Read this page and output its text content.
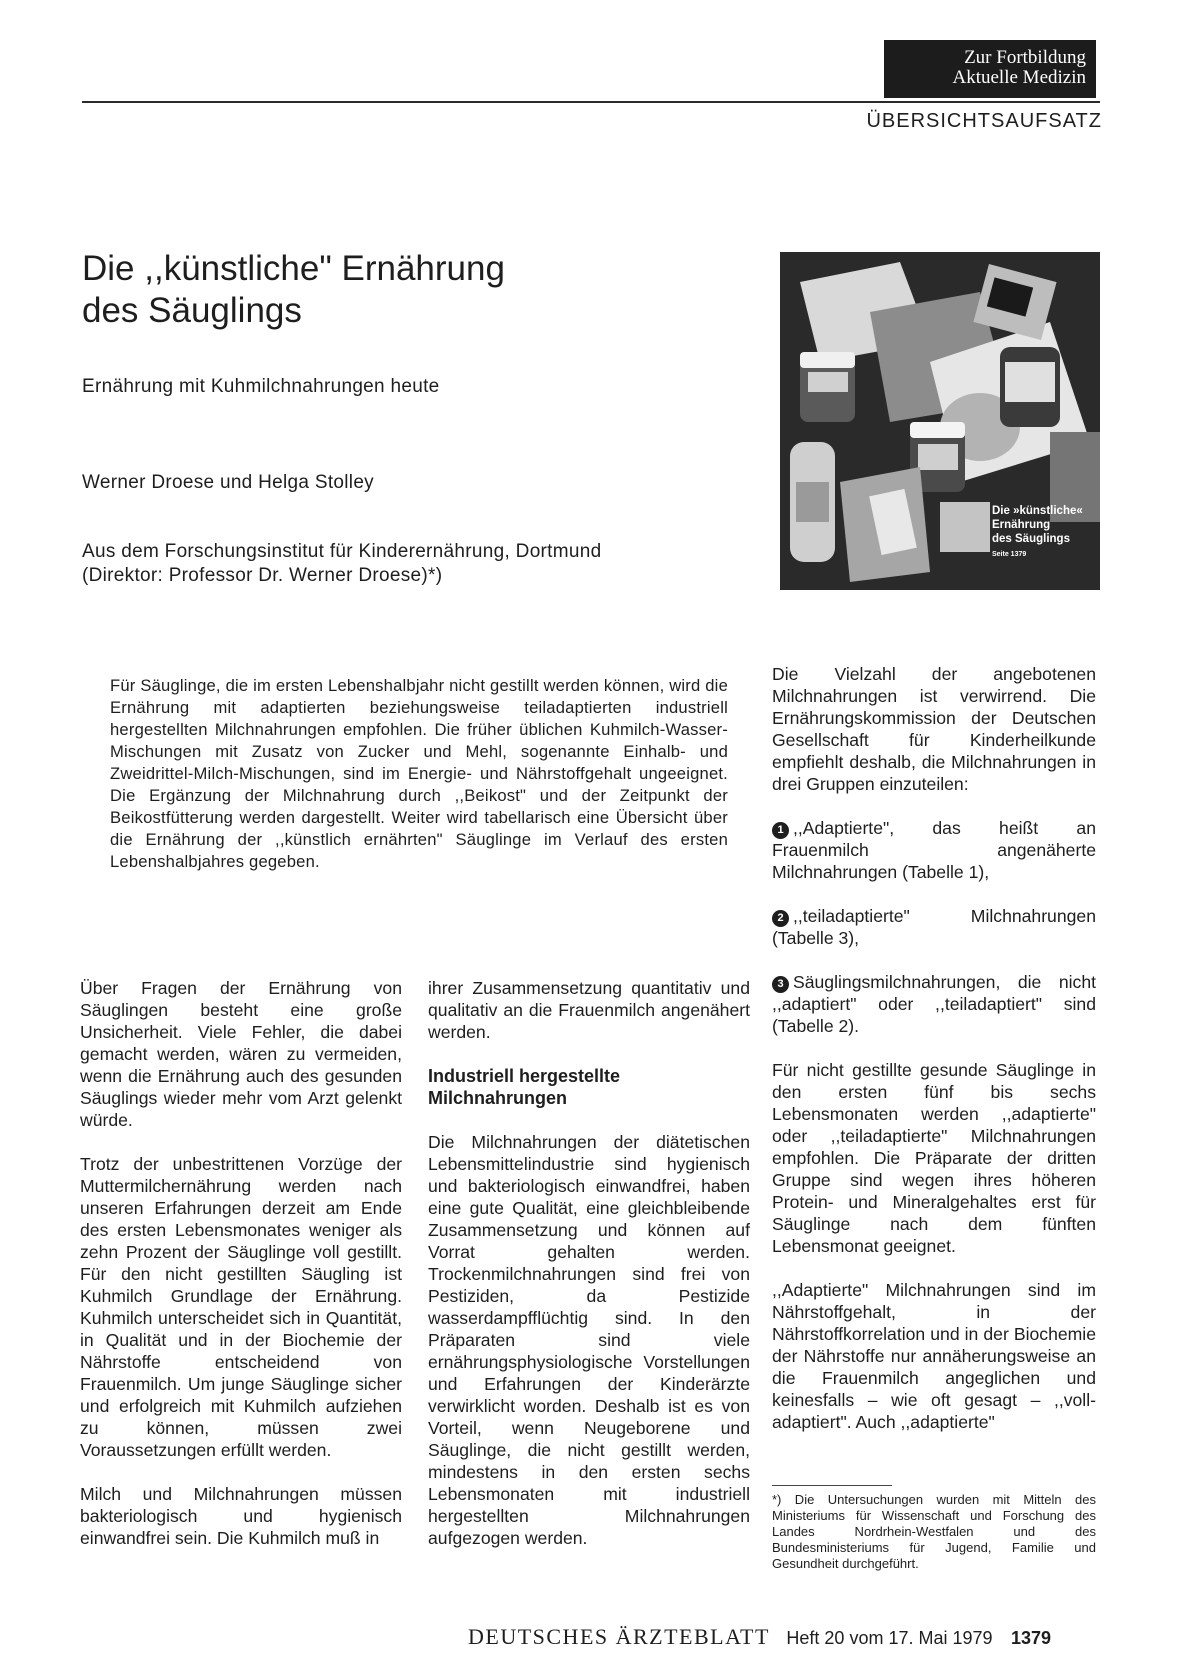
Zur Fortbildung
Aktuelle Medizin
ÜBERSICHTSAUFSATZ
Die ,,künstliche" Ernährung
des Säuglings
Ernährung mit Kuhmilchnahrungen heute
Werner Droese und Helga Stolley
Aus dem Forschungsinstitut für Kinderernährung, Dortmund
(Direktor: Professor Dr. Werner Droese)*)
Die »künstliche«
Ernährung
des Säuglings
Seite 1379
Für Säuglinge, die im ersten Lebenshalbjahr nicht gestillt werden können, wird die Ernährung mit adaptierten beziehungsweise teiladaptierten industriell hergestellten Milchnahrungen empfohlen. Die früher üblichen Kuhmilch-Wasser-Mischungen mit Zusatz von Zucker und Mehl, sogenannte Einhalb- und Zweidrittel-Milch-Mischungen, sind im Energie- und Nährstoffgehalt ungeeignet. Die Ergänzung der Milchnahrung durch ,,Beikost" und der Zeitpunkt der Beikostfütterung werden dargestellt. Weiter wird tabellarisch eine Übersicht über die Ernährung der ,,künstlich ernährten" Säuglinge im Verlauf des ersten Lebenshalbjahres gegeben.

Über Fragen der Ernährung von Säuglingen besteht eine große Unsicherheit. Viele Fehler, die dabei gemacht werden, wären zu vermeiden, wenn die Ernährung auch des gesunden Säuglings wieder mehr vom Arzt gelenkt würde.

Trotz der unbestrittenen Vorzüge der Muttermilchernährung werden nach unseren Erfahrungen derzeit am Ende des ersten Lebensmonates weniger als zehn Prozent der Säuglinge voll gestillt. Für den nicht gestillten Säugling ist Kuhmilch Grundlage der Ernährung. Kuhmilch unterscheidet sich in Quantität, in Qualität und in der Biochemie der Nährstoffe entscheidend von Frauenmilch. Um junge Säuglinge sicher und erfolgreich mit Kuhmilch aufziehen zu können, müssen zwei Voraussetzungen erfüllt werden.

Milch und Milchnahrungen müssen bakteriologisch und hygienisch einwandfrei sein. Die Kuhmilch muß in

ihrer Zusammensetzung quantitativ und qualitativ an die Frauenmilch angenähert werden.

Industriell hergestellte Milchnahrungen

Die Milchnahrungen der diätetischen Lebensmittelindustrie sind hygienisch und bakteriologisch einwandfrei, haben eine gute Qualität, eine gleichbleibende Zusammensetzung und können auf Vorrat gehalten werden. Trockenmilchnahrungen sind frei von Pestiziden, da Pestizide wasserdampfflüchtig sind. In den Präparaten sind viele ernährungsphysiologische Vorstellungen und Erfahrungen der Kinderärzte verwirklicht worden. Deshalb ist es von Vorteil, wenn Neugeborene und Säuglinge, die nicht gestillt werden, mindestens in den ersten sechs Lebensmonaten mit industriell hergestellten Milchnahrungen aufgezogen werden.

Die Vielzahl der angebotenen Milchnahrungen ist verwirrend. Die Ernährungskommission der Deutschen Gesellschaft für Kinderheilkunde empfiehlt deshalb, die Milchnahrungen in drei Gruppen einzuteilen:

1 ,,Adaptierte", das heißt an Frauenmilch angenäherte Milchnahrungen (Tabelle 1),
2 ,,teiladaptierte" Milchnahrungen (Tabelle 3),
3 Säuglingsmilchnahrungen, die nicht ,,adaptiert" oder ,,teiladaptiert" sind (Tabelle 2).

Für nicht gestillte gesunde Säuglinge in den ersten fünf bis sechs Lebensmonaten werden ,,adaptierte" oder ,,teiladaptierte" Milchnahrungen empfohlen. Die Präparate der dritten Gruppe sind wegen ihres höheren Protein- und Mineralgehaltes erst für Säuglinge nach dem fünften Lebensmonat geeignet.

,,Adaptierte" Milchnahrungen sind im Nährstoffgehalt, in der Nährstoffkorrelation und in der Biochemie der Nährstoffe nur annäherungsweise an die Frauenmilch angeglichen und keinesfalls – wie oft gesagt – ,,voll-adaptiert". Auch ,,adaptierte"

*) Die Untersuchungen wurden mit Mitteln des Ministeriums für Wissenschaft und Forschung des Landes Nordrhein-Westfalen und des Bundesministeriums für Jugend, Familie und Gesundheit durchgeführt.
DEUTSCHES ÄRZTEBLATT Heft 20 vom 17. Mai 1979 1379
